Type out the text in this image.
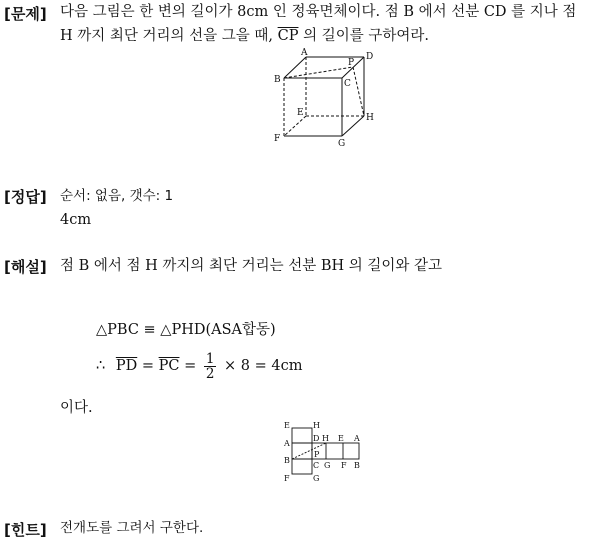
[문제] 다음 그림은 한 변의 길이가 8cm 인 정육면체이다. 점 B 에서 선분 CD 를 지나 점
H 까지 최단 거리의 선을 그을 때, $\overline{CP}$ 의 길이를 구하여라.
A
B	C
D
P
E
F	G
H
[정답] 순서: 없음, 갯수: 1
4cm
[해설] 점 B 에서 점 H 까지의 최단 거리는 선분 BH 의 길이와 같고
△PBC ≡ △PHD(ASA합동)
∴ $\overline{PD} = \overline{PC} = \frac{1}{2} \times 8 = 4cm$
이다.
E	H
A
D H E A
B
P
C G F B
F	G
[힌트] 전개도를 그려서 구한다.
